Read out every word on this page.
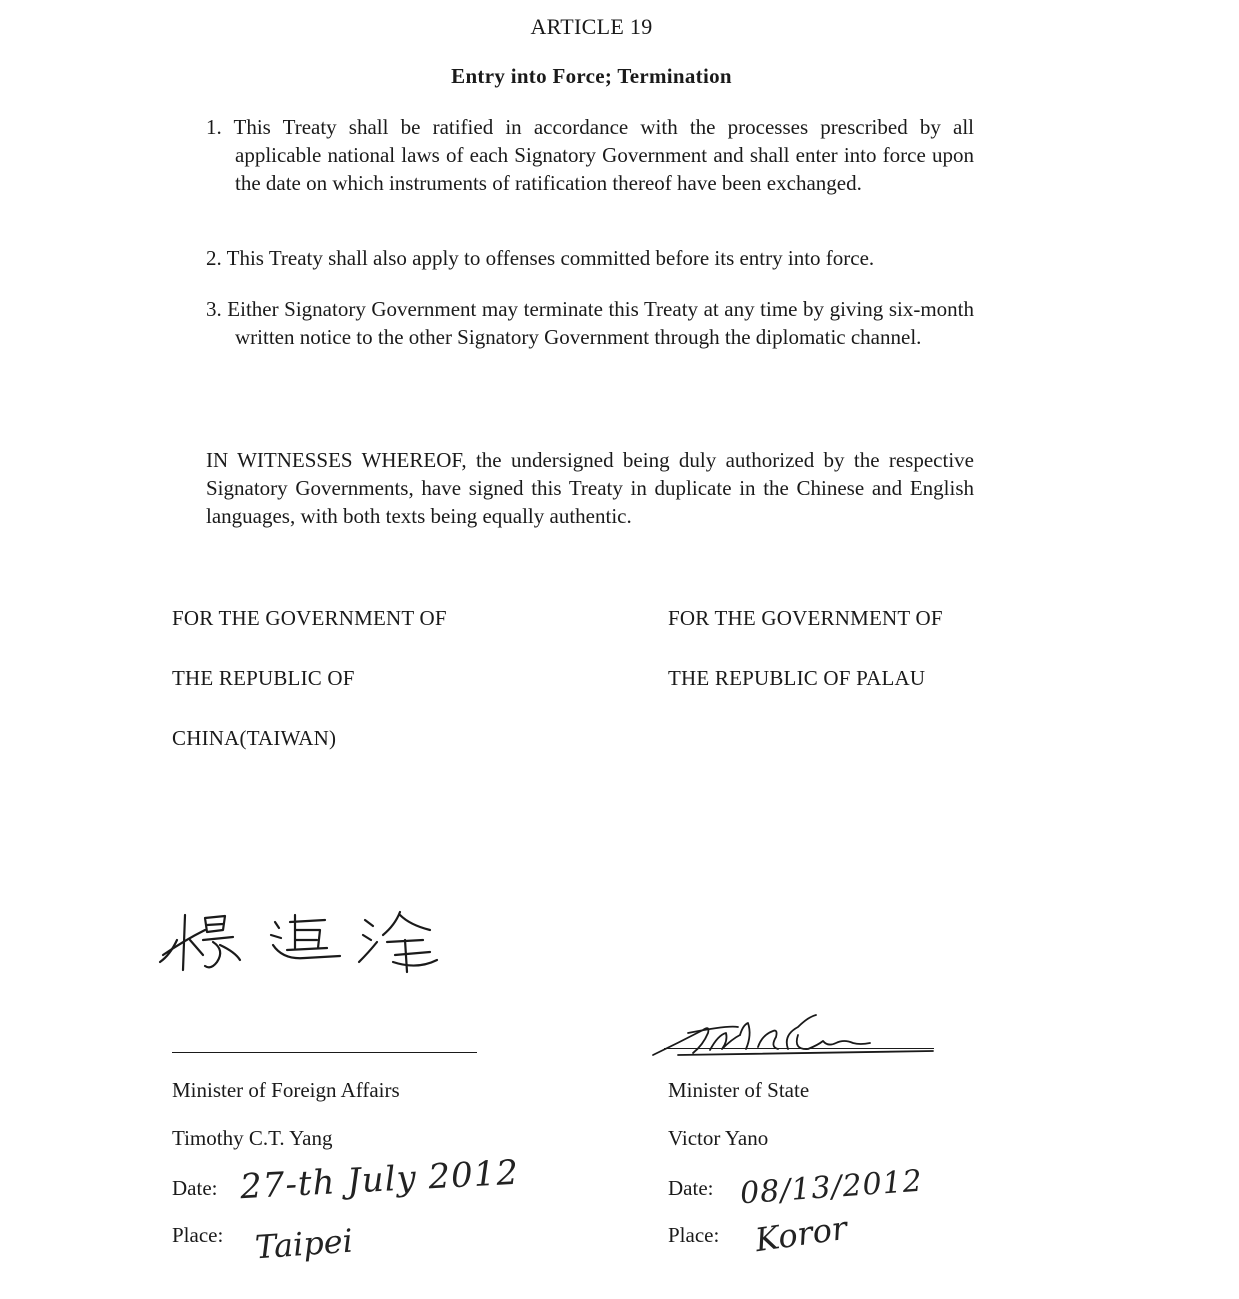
ARTICLE 19
Entry into Force; Termination
1. This Treaty shall be ratified in accordance with the processes prescribed by all applicable national laws of each Signatory Government and shall enter into force upon the date on which instruments of ratification thereof have been exchanged.
2. This Treaty shall also apply to offenses committed before its entry into force.
3. Either Signatory Government may terminate this Treaty at any time by giving six-month written notice to the other Signatory Government through the diplomatic channel.
IN WITNESSES WHEREOF, the undersigned being duly authorized by the respective Signatory Governments, have signed this Treaty in duplicate in the Chinese and English languages, with both texts being equally authentic.
FOR THE GOVERNMENT OF
THE REPUBLIC OF
CHINA(TAIWAN)
FOR THE GOVERNMENT OF
THE REPUBLIC OF PALAU
Minister of Foreign Affairs
Timothy C.T. Yang
Date:
Place:
27-th July 2012
Taipei
Minister of State
Victor Yano
Date:
Place:
08/13/2012
Koror
